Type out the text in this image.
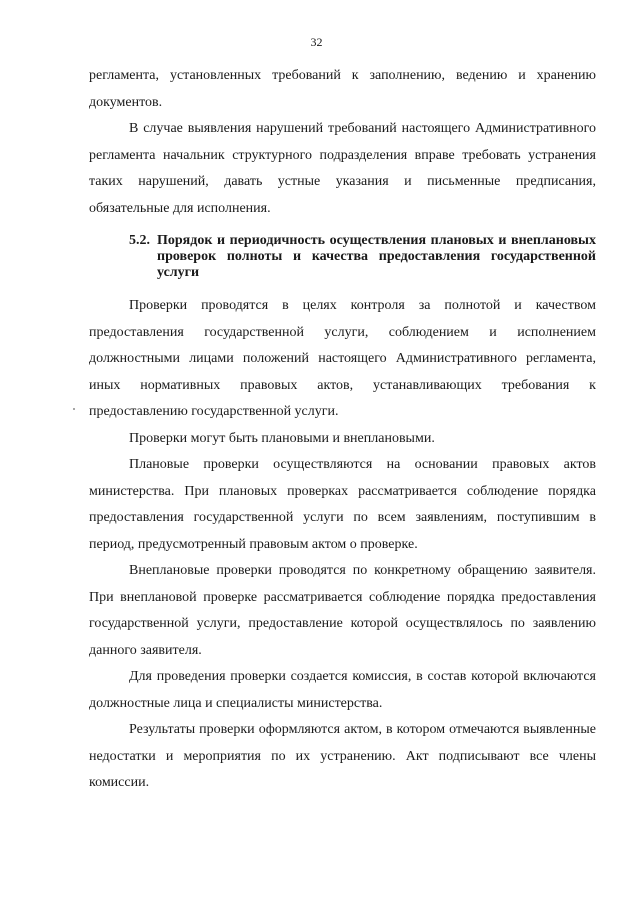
32

регламента, установленных требований к заполнению, ведению и хранению документов.

В случае выявления нарушений требований настоящего Административного регламента начальник структурного подразделения вправе требовать устранения таких нарушений, давать устные указания и письменные предписания, обязательные для исполнения.

5.2. Порядок и периодичность осуществления плановых и внеплановых проверок полноты и качества предоставления государственной услуги

Проверки проводятся в целях контроля за полнотой и качеством предоставления государственной услуги, соблюдением и исполнением должностными лицами положений настоящего Административного регламента, иных нормативных правовых актов, устанавливающих требования к предоставлению государственной услуги.

Проверки могут быть плановыми и внеплановыми.

Плановые проверки осуществляются на основании правовых актов министерства. При плановых проверках рассматривается соблюдение порядка предоставления государственной услуги по всем заявлениям, поступившим в период, предусмотренный правовым актом о проверке.

Внеплановые проверки проводятся по конкретному обращению заявителя. При внеплановой проверке рассматривается соблюдение порядка предоставления государственной услуги, предоставление которой осуществлялось по заявлению данного заявителя.

Для проведения проверки создается комиссия, в состав которой включаются должностные лица и специалисты министерства.

Результаты проверки оформляются актом, в котором отмечаются выявленные недостатки и мероприятия по их устранению. Акт подписывают все члены комиссии.
